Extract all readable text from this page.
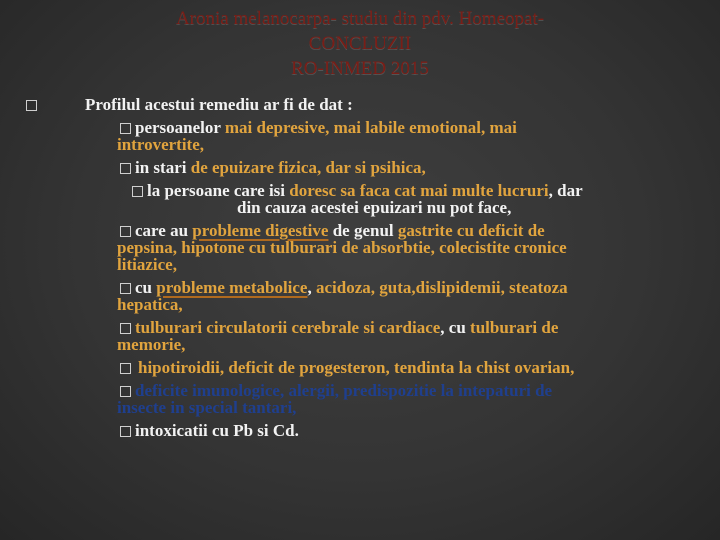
Aronia melanocarpa- studiu din pdv. Homeopat-
CONCLUZII
RO-INMED 2015
Profilul acestui remediu ar fi de dat :
persoanelor mai depresive, mai labile emotional, mai
introvertite,
in stari de epuizare fizica, dar si psihica,
la persoane care isi doresc sa faca cat mai multe lucruri, dar
din cauza acestei epuizari nu pot face,
care au probleme digestive de genul gastrite cu deficit de
pepsina, hipotone cu tulburari de absorbtie, colecistite cronice
litiazice,
cu probleme metabolice, acidoza, guta,dislipidemii, steatoza
hepatica,
tulburari circulatorii cerebrale si cardiace, cu tulburari de
memorie,
hipotiroidii, deficit de progesteron, tendinta la chist ovarian,
deficite imunologice, alergii, predispozitie la intepaturi de
insecte in special tantari,
intoxicatii cu Pb si Cd.
